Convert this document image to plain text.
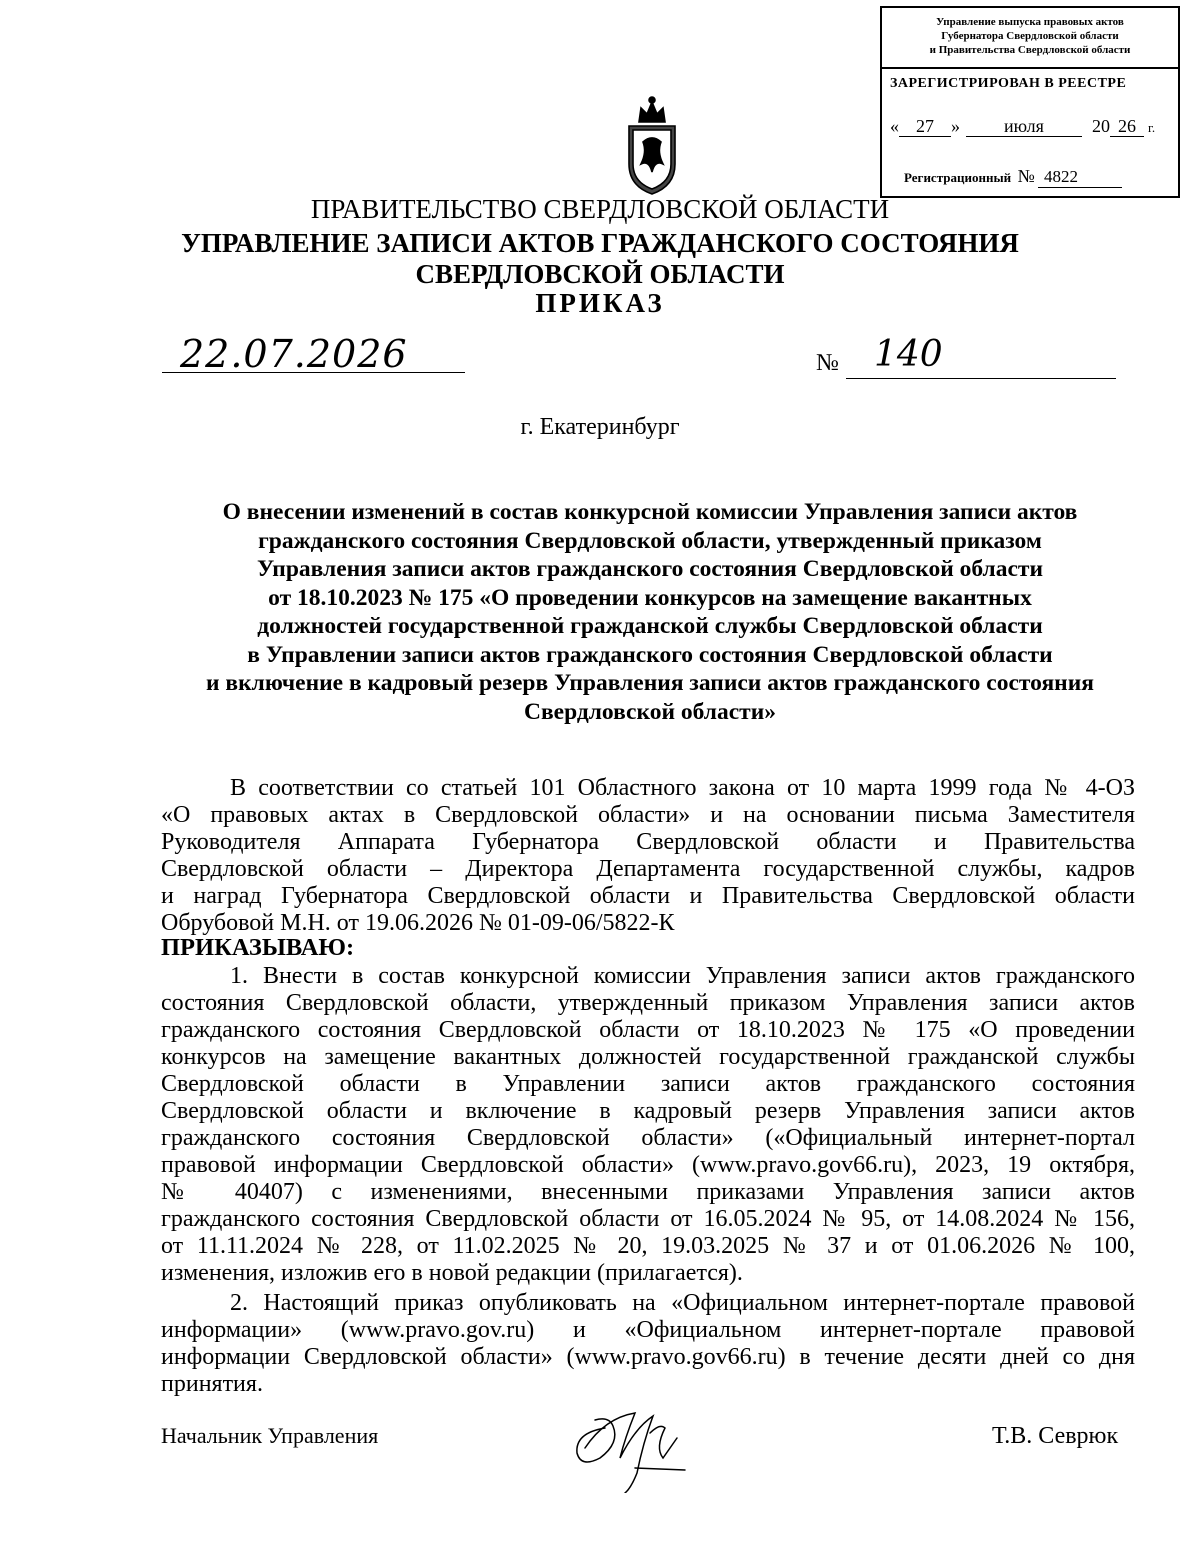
Управление выпуска правовых актов
Губернатора Свердловской области
и Правительства Свердловской области
ЗАРЕГИСТРИРОВАН В РЕЕСТРЕ
« 27 » июля	20 26 г.
Регистрационный № 4822
ПРАВИТЕЛЬСТВО СВЕРДЛОВСКОЙ ОБЛАСТИ
УПРАВЛЕНИЕ ЗАПИСИ АКТОВ ГРАЖДАНСКОГО СОСТОЯНИЯ
СВЕРДЛОВСКОЙ ОБЛАСТИ
ПРИКАЗ
22.07.2026	№ 140
г. Екатеринбург
О внесении изменений в состав конкурсной комиссии Управления записи актов
гражданского состояния Свердловской области, утвержденный приказом
Управления записи актов гражданского состояния Свердловской области
от 18.10.2023 № 175 «О проведении конкурсов на замещение вакантных
должностей государственной гражданской службы Свердловской области
в Управлении записи актов гражданского состояния Свердловской области
и включение в кадровый резерв Управления записи актов гражданского состояния
Свердловской области»
В соответствии со статьей 101 Областного закона от 10 марта 1999 года № 4-ОЗ
«О правовых актах в Свердловской области» и на основании письма Заместителя
Руководителя Аппарата Губернатора Свердловской области и Правительства
Свердловской области – Директора Департамента государственной службы, кадров
и наград Губернатора Свердловской области и Правительства Свердловской области
Обрубовой М.Н. от 19.06.2026 № 01-09-06/5822-К
ПРИКАЗЫВАЮ:
1. Внести в состав конкурсной комиссии Управления записи актов гражданского
состояния Свердловской области, утвержденный приказом Управления записи актов
гражданского состояния Свердловской области от 18.10.2023 № 175 «О проведении
конкурсов на замещение вакантных должностей государственной гражданской службы
Свердловской области в Управлении записи актов гражданского состояния
Свердловской области и включение в кадровый резерв Управления записи актов
гражданского состояния Свердловской области» («Официальный интернет-портал
правовой информации Свердловской области» (www.pravo.gov66.ru), 2023, 19 октября,
№ 40407) с изменениями, внесенными приказами Управления записи актов
гражданского состояния Свердловской области от 16.05.2024 № 95, от 14.08.2024 № 156,
от 11.11.2024 № 228, от 11.02.2025 № 20, 19.03.2025 № 37 и от 01.06.2026 № 100,
изменения, изложив его в новой редакции (прилагается).
2. Настоящий приказ опубликовать на «Официальном интернет-портале правовой
информации» (www.pravo.gov.ru) и «Официальном интернет-портале правовой
информации Свердловской области» (www.pravo.gov66.ru) в течение десяти дней со дня
принятия.
Начальник Управления	Т.В. Севрюк
